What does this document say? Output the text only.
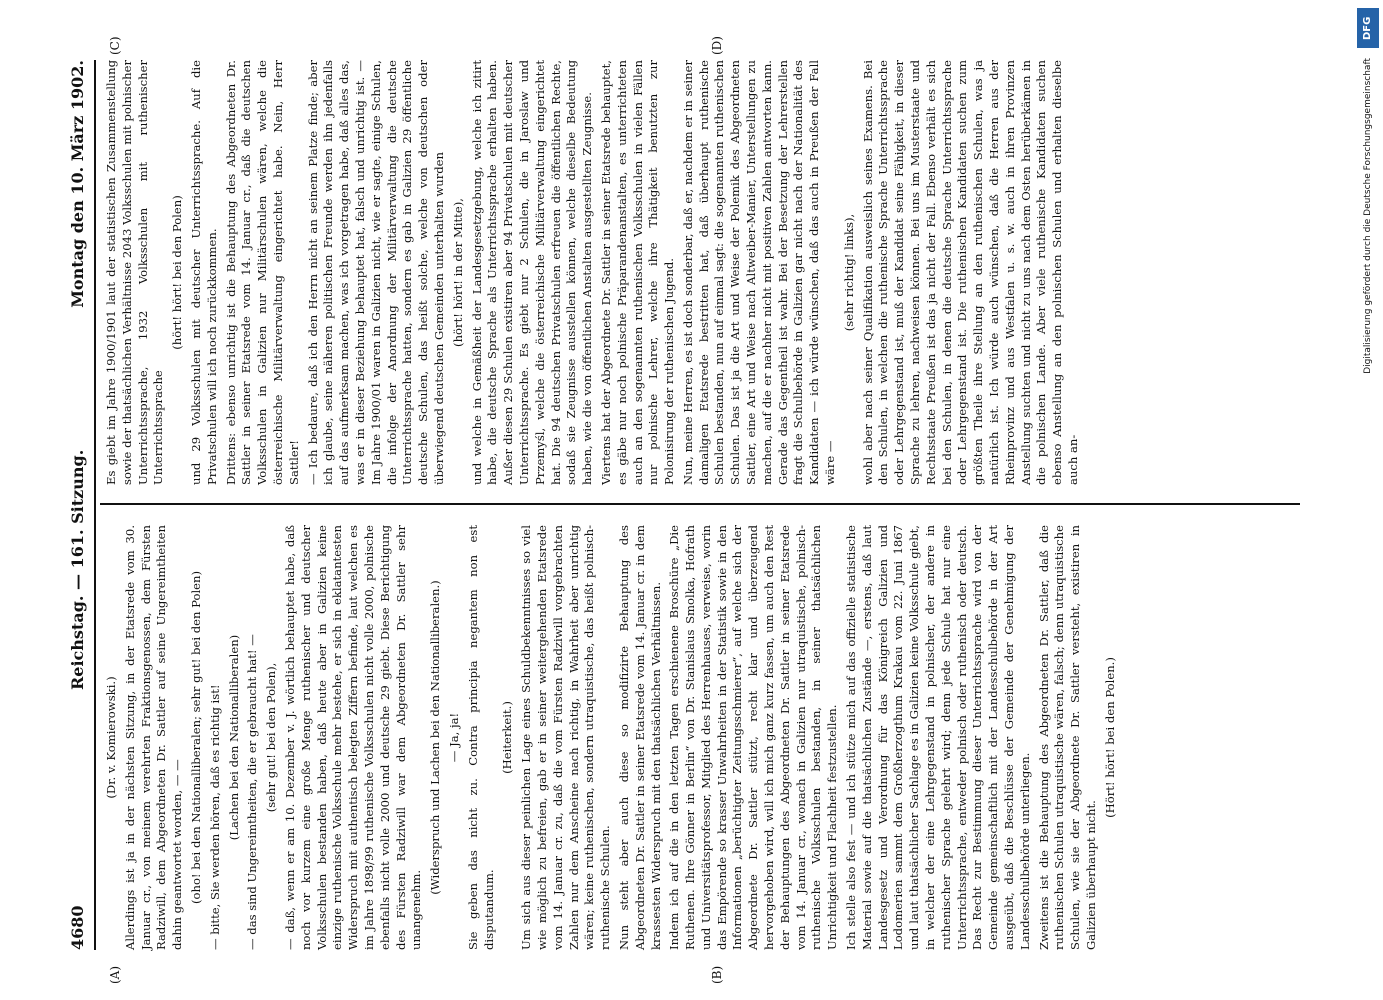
4680
Reichstag. — 161. Sitzung.
Montag den 10. März 1902.
(A)	(B)
(C)	(D)

(Dr. v. Komierowski.) Allerdings ist ja in der nächsten Sitzung, in der Etatsrede vom 30. Januar cr., von meinem verehrten Fraktionsgenossen, dem Fürsten Radziwill, dem Abgeordneten Dr. Sattler auf seine Ungereimtheiten dahin geantwortet worden, — — (oho! bei den Nationalliberalen; sehr gut! bei den Polen) — bitte, Sie werden hören, daß es richtig ist! (Lachen bei den Nationalliberalen) — das sind Ungereimtheiten, die er gebraucht hat! — (sehr gut! bei den Polen), — daß, wenn er am 10. Dezember v. J. wörtlich behauptet habe, daß noch vor kurzem eine große Menge ruthenischer und deutscher Volksschulen bestanden haben, daß heute aber in Galizien keine einzige ruthenische Volksschule mehr bestehe, er sich in eklatantesten Widerspruch mit authentisch belegten Ziffern befinde, laut welchen es im Jahre 1898/99 ruthenische Volksschulen nicht volle 2000, polnische ebenfalls nicht volle 2000 und deutsche 29 giebt. Diese Berichtigung des Fürsten Radziwill war dem Abgeordneten Dr. Sattler sehr unangenehm.

(Widerspruch und Lachen bei den Nationalliberalen.) — Ja, ja! Sie geben das nicht zu. Contra principia negantem non est disputandum.

(Heiterkeit.) Um sich aus dieser peinlichen Lage eines Schuldbekenntnisses so viel wie möglich zu befreien, gab er in seiner weitergehenden Etatsrede vom 14. Januar cr. zu, daß die vom Fürsten Radziwill vorgebrachten Zahlen nur dem Anscheine nach richtig, in Wahrheit aber unrichtig wären; keine ruthenischen, sondern utraquistische, das heißt polnisch-ruthenische Schulen. Nun steht aber auch diese so modifizirte Behauptung des Abgeordneten Dr. Sattler in seiner Etatsrede vom 14. Januar cr. in dem krassesten Widerspruch mit den thatsächlichen Verhältnissen. Indem ich auf die in den letzten Tagen erschienene Broschüre „Die Ruthenen. Ihre Gönner in Berlin“ von Dr. Stanislaus Smolka, Hofrath und Universitätsprofessor, Mitglied des Herrenhauses, verweise, worin das Empörende so krasser Unwahrheiten in der Statistik sowie in den Informationen „berüchtigter Zeitungsschmierer“, auf welche sich der Abgeordnete Dr. Sattler stützt, recht klar und überzeugend hervorgehoben wird, will ich mich ganz kurz fassen, um auch den Rest der Behauptungen des Abgeordneten Dr. Sattler in seiner Etatsrede vom 14. Januar cr., wonach in Galizien nur utraquistische, polnisch-ruthenische Volksschulen bestanden, in seiner thatsächlichen Unrichtigkeit und Flachheit festzustellen. Ich stelle also fest — und ich stütze mich auf das offizielle statistische Material sowie auf die thatsächlichen Zustände —, erstens, daß laut Landesgesetz und Verordnung für das Königreich Galizien und Lodomerien sammt dem Großherzogthum Krakau vom 22. Juni 1867 und laut thatsächlicher Sachlage es in Galizien keine Volksschule giebt, in welcher der eine Lehrgegenstand in polnischer, der andere in ruthenischer Sprache gelehrt wird; denn jede Schule hat nur eine Unterrichtssprache, entweder polnisch oder ruthenisch oder deutsch. Das Recht zur Bestimmung dieser Unterrichtssprache wird von der Gemeinde gemeinschaftlich mit der Landesschulbehörde in der Art ausgeübt, daß die Beschlüsse der Gemeinde der Genehmigung der Landesschulbehörde unterliegen. Zweitens ist die Behauptung des Abgeordneten Dr. Sattler, daß die ruthenischen Schulen utraquistische wären, falsch; denn utraquistische Schulen, wie sie der Abgeordnete Dr. Sattler versteht, existiren in Galizien überhaupt nicht.

(Hört! hört! bei den Polen.)

Es giebt im Jahre 1900/1901 laut der statistischen Zusammenstellung sowie der thatsächlichen Verhältnisse 2043 Volksschulen mit polnischer Unterrichtssprache, 1932 Volksschulen mit ruthenischer Unterrichtssprache

(hört! hört! bei den Polen) und 29 Volksschulen mit deutscher Unterrichtssprache. Auf die Privatschulen will ich noch zurückkommen. Drittens: ebenso unrichtig ist die Behauptung des Abgeordneten Dr. Sattler in seiner Etatsrede vom 14. Januar cr., daß die deutschen Volksschulen in Galizien nur Militärschulen wären, welche die österreichische Militärverwaltung eingerichtet habe. Nein, Herr Sattler! — Ich bedaure, daß ich den Herrn nicht an seinem Platze finde; aber ich glaube, seine näheren politischen Freunde werden ihn jedenfalls auf das aufmerksam machen, was ich vorgetragen habe, daß alles das, was er in dieser Beziehung behauptet hat, falsch und unrichtig ist. — Im Jahre 1900/01 waren in Galizien nicht, wie er sagte, einige Schulen, die infolge der Anordnung der Militärverwaltung die deutsche Unterrichtssprache hatten, sondern es gab in Galizien 29 öffentliche deutsche Schulen, das heißt solche, welche von deutschen oder überwiegend deutschen Gemeinden unterhalten wurden (hört! hört! in der Mitte), und welche in Gemäßheit der Landesgesetzgebung, welche ich zitirt habe, die deutsche Sprache als Unterrichtssprache erhalten haben. Außer diesen 29 Schulen existiren aber 94 Privatschulen mit deutscher Unterrichtssprache. Es giebt nur 2 Schulen, die in Jaroslaw und Przemyśl, welche die österreichische Militärverwaltung eingerichtet hat. Die 94 deutschen Privatschulen erfreuen die öffentlichen Rechte, sodaß sie Zeugnisse ausstellen können, welche dieselbe Bedeutung haben, wie die von öffentlichen Anstalten ausgestellten Zeugnisse. Viertens hat der Abgeordnete Dr. Sattler in seiner Etatsrede behauptet, es gäbe nur noch polnische Präparandenanstalten, es unterrichteten auch an den sogenannten ruthenischen Volksschulen in vielen Fällen nur polnische Lehrer, welche ihre Thätigkeit benutzten zur Polonisirung der ruthenischen Jugend. Nun, meine Herren, es ist doch sonderbar, daß er, nachdem er in seiner damaligen Etatsrede bestritten hat, daß überhaupt ruthenische Schulen bestanden, nun auf einmal sagt: die sogenannten ruthenischen Schulen. Das ist ja die Art und Weise der Polemik des Abgeordneten Sattler, eine Art und Weise nach Altweiber-Manier, Unterstellungen zu machen, auf die er nachher nicht mit positiven Zahlen antworten kann. Gerade das Gegentheil ist wahr. Bei der Besetzung der Lehrerstellen fragt die Schulbehörde in Galizien gar nicht nach der Nationalität des Kandidaten — ich würde wünschen, daß das auch in Preußen der Fall wäre —

(sehr richtig! links), wohl aber nach seiner Qualifikation ausweislich seines Examens. Bei den Schulen, in welchen die ruthenische Sprache Unterrichtssprache oder Lehrgegenstand ist, muß der Kandidat seine Fähigkeit, in dieser Sprache zu lehren, nachweisen können. Bei uns im Musterstaate und Rechtsstaate Preußen ist das ja nicht der Fall. Ebenso verhält es sich bei den Schulen, in denen die deutsche Sprache Unterrichtssprache oder Lehrgegenstand ist. Die ruthenischen Kandidaten suchen zum größten Theile ihre Stellung an den ruthenischen Schulen, was ja natürlich ist. Ich würde auch wünschen, daß die Herren aus der Rheinprovinz und aus Westfalen u. s. w. auch in ihren Provinzen Anstellung suchten und nicht zu uns nach dem Osten herüberkämen in die polnischen Lande. Aber viele ruthenische Kandidaten suchen ebenso Anstellung an den polnischen Schulen und erhalten dieselbe auch an-

DFG
Digitalisierung gefördert durch die Deutsche Forschungsgemeinschaft
